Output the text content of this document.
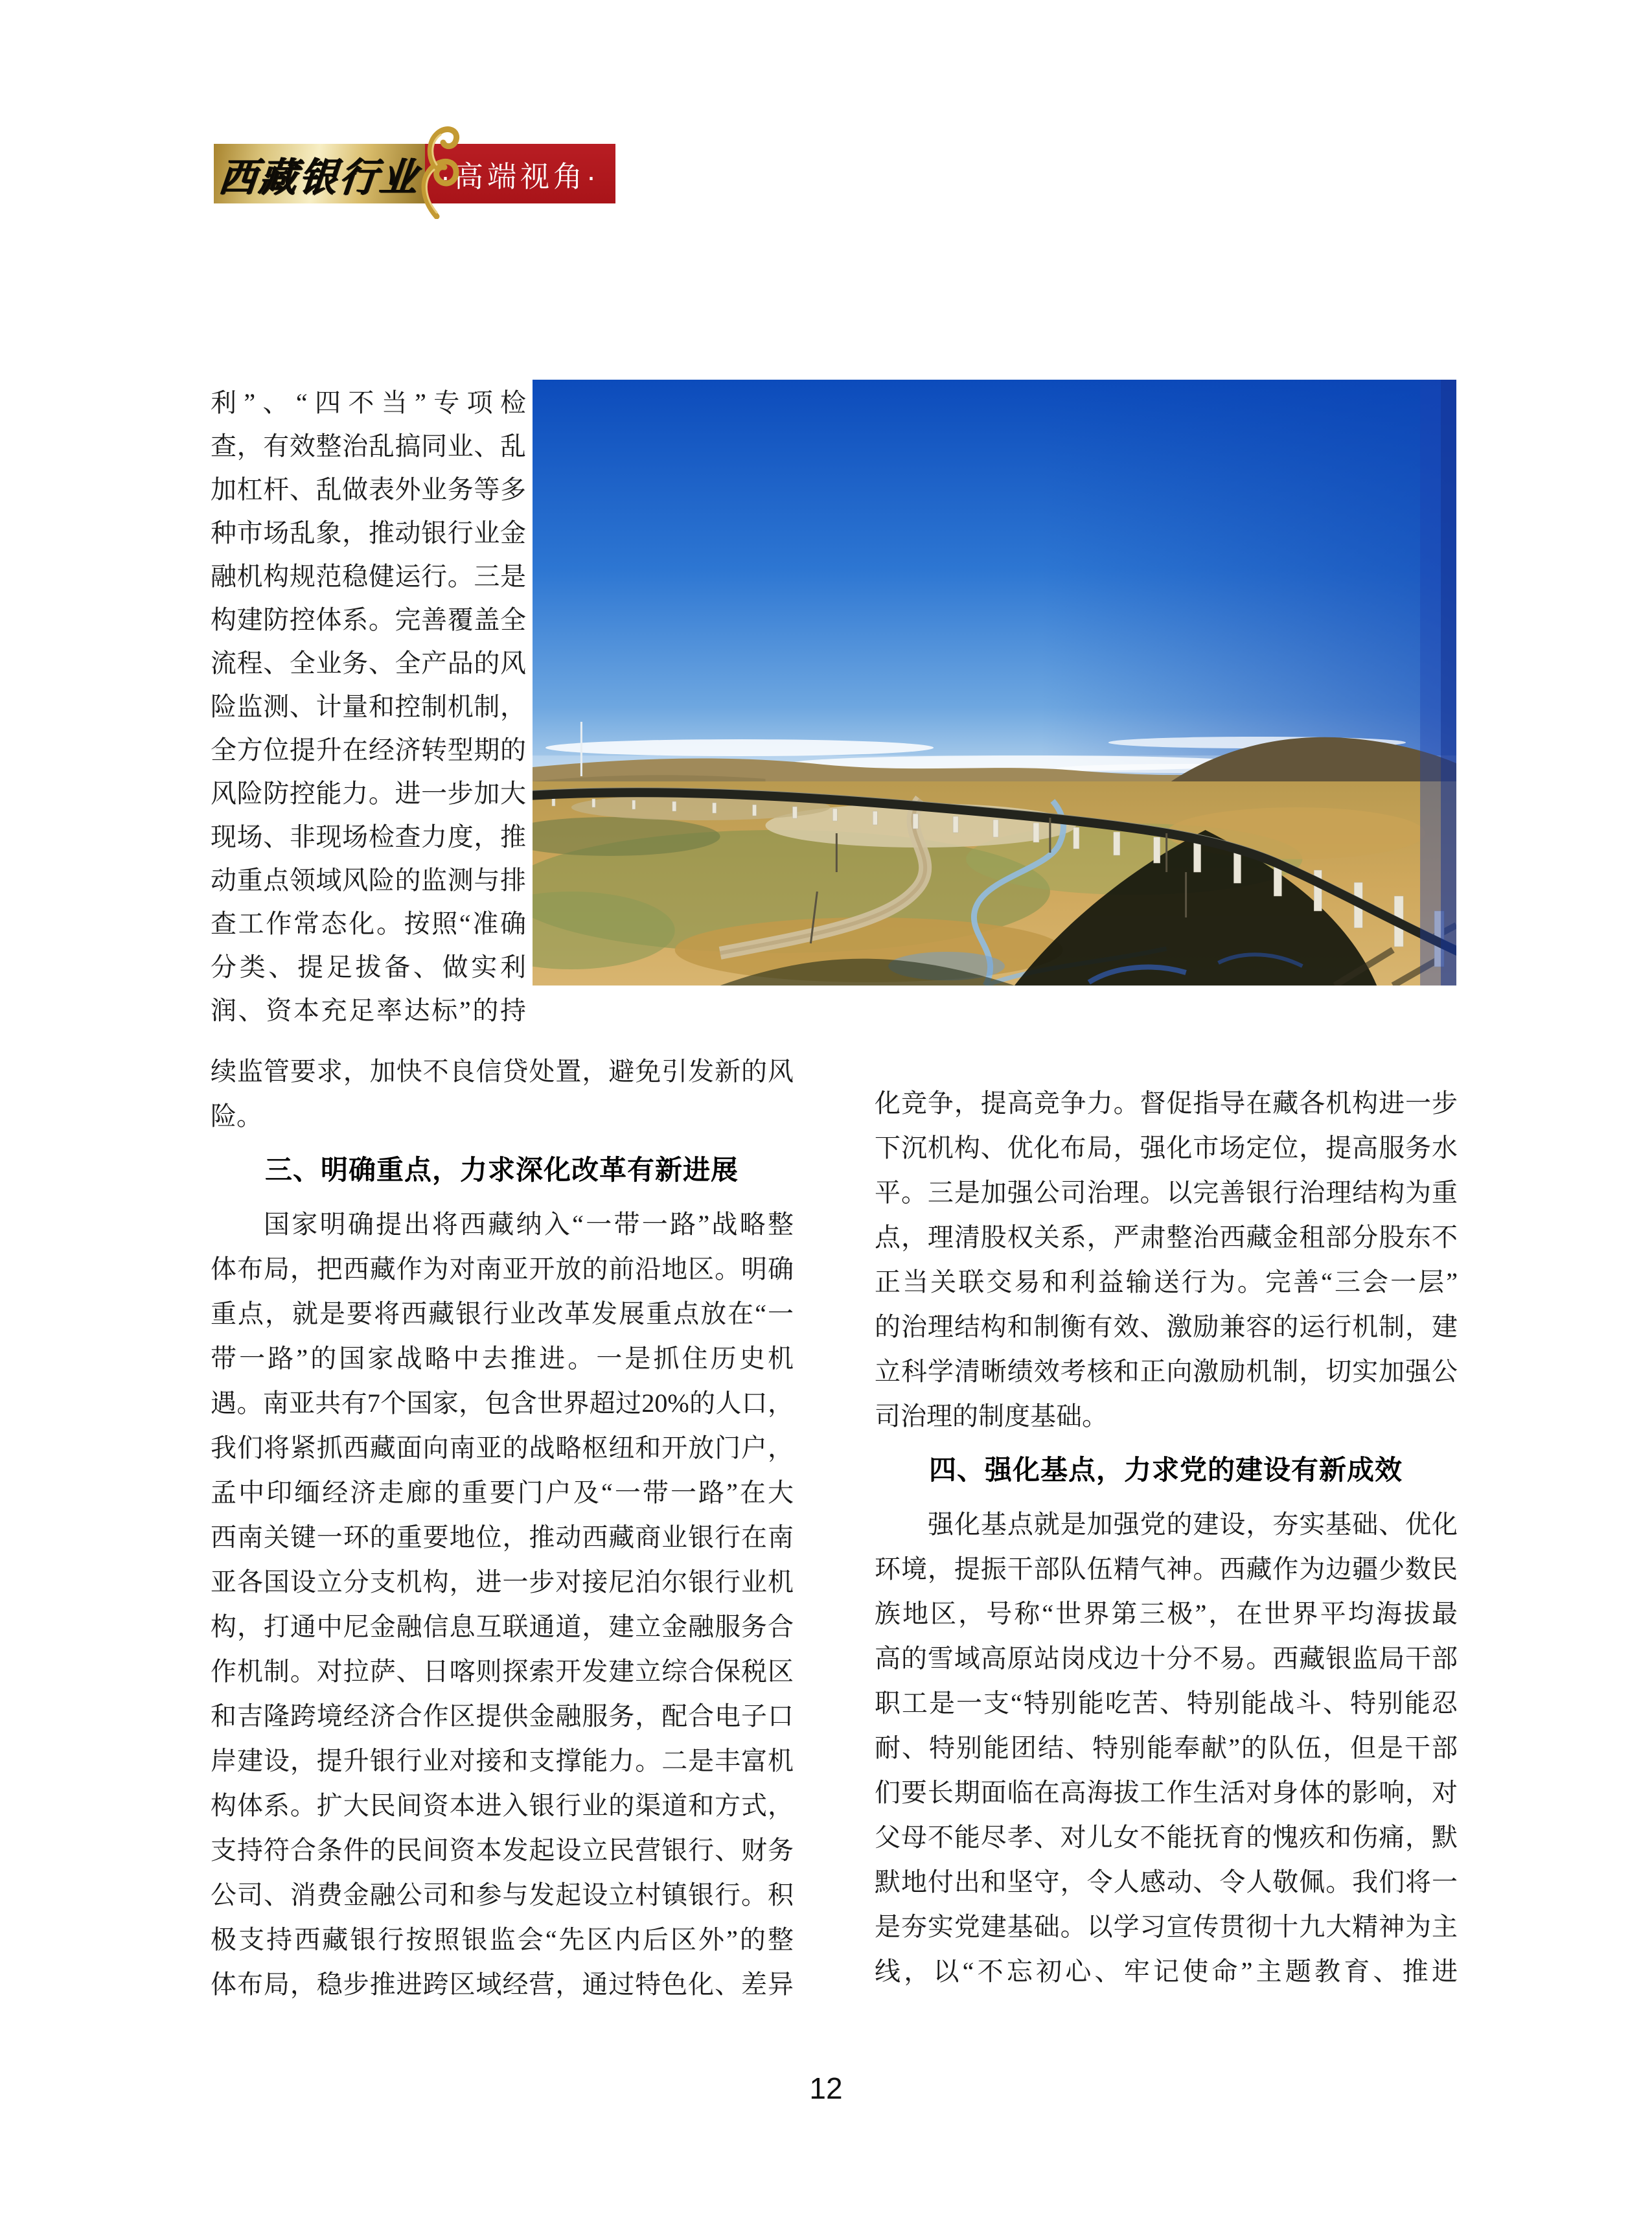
西藏银行业 ·高端视角·
利”、“四不当”专项检
查，有效整治乱搞同业、乱
加杠杆、乱做表外业务等多
种市场乱象，推动银行业金
融机构规范稳健运行。三是
构建防控体系。完善覆盖全
流程、全业务、全产品的风
险监测、计量和控制机制，
全方位提升在经济转型期的
风险防控能力。进一步加大
现场、非现场检查力度，推
动重点领域风险的监测与排
查工作常态化。按照“准确
分类、提足拔备、做实利
润、资本充足率达标”的持
续监管要求，加快不良信贷处置，避免引发新的风
险。
三、明确重点，力求深化改革有新进展
国家明确提出将西藏纳入“一带一路”战略整
体布局，把西藏作为对南亚开放的前沿地区。明确
重点，就是要将西藏银行业改革发展重点放在“一
带一路”的国家战略中去推进。一是抓住历史机
遇。南亚共有7个国家，包含世界超过20%的人口，
我们将紧抓西藏面向南亚的战略枢纽和开放门户，
孟中印缅经济走廊的重要门户及“一带一路”在大
西南关键一环的重要地位，推动西藏商业银行在南
亚各国设立分支机构，进一步对接尼泊尔银行业机
构，打通中尼金融信息互联通道，建立金融服务合
作机制。对拉萨、日喀则探索开发建立综合保税区
和吉隆跨境经济合作区提供金融服务，配合电子口
岸建设，提升银行业对接和支撑能力。二是丰富机
构体系。扩大民间资本进入银行业的渠道和方式，
支持符合条件的民间资本发起设立民营银行、财务
公司、消费金融公司和参与发起设立村镇银行。积
极支持西藏银行按照银监会“先区内后区外”的整
体布局，稳步推进跨区域经营，通过特色化、差异
化竞争，提高竞争力。督促指导在藏各机构进一步
下沉机构、优化布局，强化市场定位，提高服务水
平。三是加强公司治理。以完善银行治理结构为重
点，理清股权关系，严肃整治西藏金租部分股东不
正当关联交易和利益输送行为。完善“三会一层”
的治理结构和制衡有效、激励兼容的运行机制，建
立科学清晰绩效考核和正向激励机制，切实加强公
司治理的制度基础。
四、强化基点，力求党的建设有新成效
强化基点就是加强党的建设，夯实基础、优化
环境，提振干部队伍精气神。西藏作为边疆少数民
族地区，号称“世界第三极”，在世界平均海拔最
高的雪域高原站岗戍边十分不易。西藏银监局干部
职工是一支“特别能吃苦、特别能战斗、特别能忍
耐、特别能团结、特别能奉献”的队伍，但是干部
们要长期面临在高海拔工作生活对身体的影响，对
父母不能尽孝、对儿女不能抚育的愧疚和伤痛，默
默地付出和坚守，令人感动、令人敬佩。我们将一
是夯实党建基础。以学习宣传贯彻十九大精神为主
线，以“不忘初心、牢记使命”主题教育、推进
12
